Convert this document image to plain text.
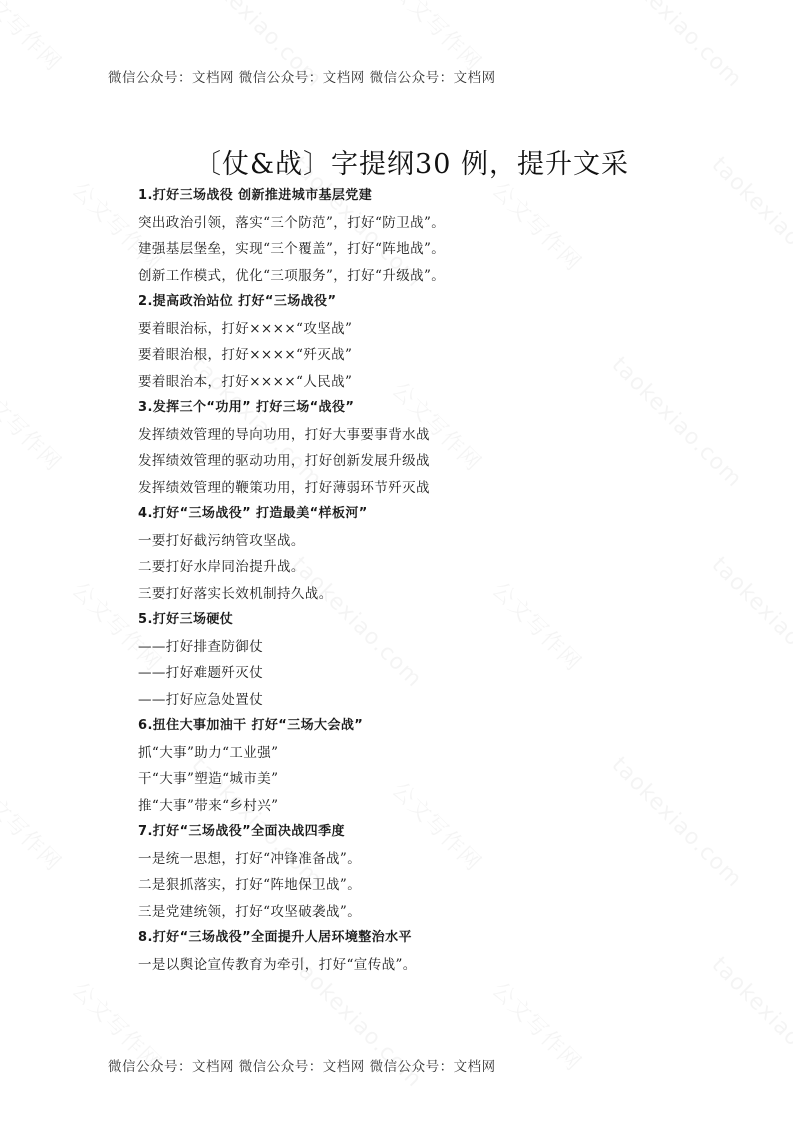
微信公众号：文档网 微信公众号：文档网 微信公众号：文档网
〔仗&战〕字提纲30 例，提升文采
1.打好三场战役 创新推进城市基层党建
突出政治引领，落实“三个防范”，打好“防卫战”。
建强基层堡垒，实现“三个覆盖”，打好“阵地战”。
创新工作模式，优化“三项服务”，打好“升级战”。
2.提高政治站位 打好“三场战役”
要着眼治标，打好××××“攻坚战”
要着眼治根，打好××××“歼灭战”
要着眼治本，打好××××“人民战”
3.发挥三个“功用” 打好三场“战役”
发挥绩效管理的导向功用，打好大事要事背水战
发挥绩效管理的驱动功用，打好创新发展升级战
发挥绩效管理的鞭策功用，打好薄弱环节歼灭战
4.打好“三场战役” 打造最美“样板河”
一要打好截污纳管攻坚战。
二要打好水岸同治提升战。
三要打好落实长效机制持久战。
5.打好三场硬仗
——打好排查防御仗
——打好难题歼灭仗
——打好应急处置仗
6.扭住大事加油干 打好“三场大会战”
抓“大事”助力“工业强”
干“大事”塑造“城市美”
推“大事”带来“乡村兴”
7.打好“三场战役”全面决战四季度
一是统一思想，打好“冲锋准备战”。
二是狠抓落实，打好“阵地保卫战”。
三是党建统领，打好“攻坚破袭战”。
8.打好“三场战役”全面提升人居环境整治水平
一是以舆论宣传教育为牵引，打好“宣传战”。
微信公众号：文档网 微信公众号：文档网 微信公众号：文档网
